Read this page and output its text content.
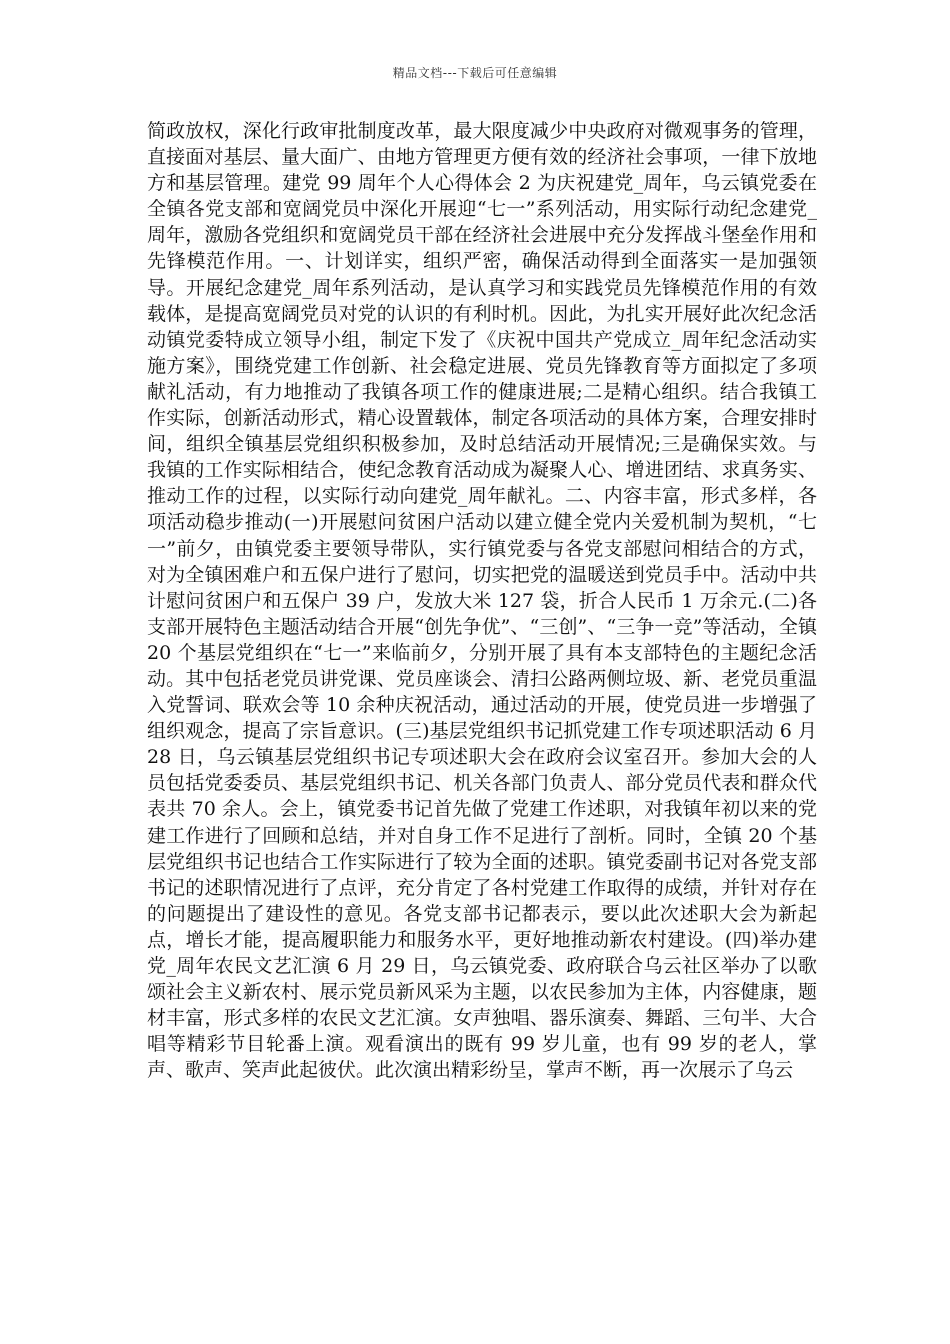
精品文档---下载后可任意编辑

简政放权，深化行政审批制度改革，最大限度减少中央政府对微观事务的管理，直接面对基层、量大面广、由地方管理更方便有效的经济社会事项，一律下放地方和基层管理。建党 99 周年个人心得体会 2 为庆祝建党_周年，乌云镇党委在全镇各党支部和宽阔党员中深化开展迎“七一”系列活动，用实际行动纪念建党_周年，激励各党组织和宽阔党员干部在经济社会进展中充分发挥战斗堡垒作用和先锋模范作用。一、计划详实，组织严密，确保活动得到全面落实一是加强领导。开展纪念建党_周年系列活动，是认真学习和实践党员先锋模范作用的有效载体，是提高宽阔党员对党的认识的有利时机。因此，为扎实开展好此次纪念活动镇党委特成立领导小组，制定下发了《庆祝中国共产党成立_周年纪念活动实施方案》，围绕党建工作创新、社会稳定进展、党员先锋教育等方面拟定了多项献礼活动，有力地推动了我镇各项工作的健康进展;二是精心组织。结合我镇工作实际，创新活动形式，精心设置载体，制定各项活动的具体方案，合理安排时间，组织全镇基层党组织积极参加，及时总结活动开展情况;三是确保实效。与我镇的工作实际相结合，使纪念教育活动成为凝聚人心、增进团结、求真务实、推动工作的过程，以实际行动向建党_周年献礼。二、内容丰富，形式多样，各项活动稳步推动(一)开展慰问贫困户活动以建立健全党内关爱机制为契机，“七一”前夕，由镇党委主要领导带队，实行镇党委与各党支部慰问相结合的方式，对为全镇困难户和五保户进行了慰问，切实把党的温暖送到党员手中。活动中共计慰问贫困户和五保户 39 户，发放大米 127 袋，折合人民币 1 万余元.(二)各支部开展特色主题活动结合开展“创先争优”、“三创”、“三争一竞”等活动，全镇 20 个基层党组织在“七一”来临前夕，分别开展了具有本支部特色的主题纪念活动。其中包括老党员讲党课、党员座谈会、清扫公路两侧垃圾、新、老党员重温入党誓词、联欢会等 10 余种庆祝活动，通过活动的开展，使党员进一步增强了组织观念，提高了宗旨意识。(三)基层党组织书记抓党建工作专项述职活动 6 月 28 日，乌云镇基层党组织书记专项述职大会在政府会议室召开。参加大会的人员包括党委委员、基层党组织书记、机关各部门负责人、部分党员代表和群众代表共 70 余人。会上，镇党委书记首先做了党建工作述职，对我镇年初以来的党建工作进行了回顾和总结，并对自身工作不足进行了剖析。同时，全镇 20 个基层党组织书记也结合工作实际进行了较为全面的述职。镇党委副书记对各党支部书记的述职情况进行了点评，充分肯定了各村党建工作取得的成绩，并针对存在的问题提出了建设性的意见。各党支部书记都表示，要以此次述职大会为新起点，增长才能，提高履职能力和服务水平，更好地推动新农村建设。(四)举办建党_周年农民文艺汇演 6 月 29 日，乌云镇党委、政府联合乌云社区举办了以歌颂社会主义新农村、展示党员新风采为主题，以农民参加为主体，内容健康，题材丰富，形式多样的农民文艺汇演。女声独唱、器乐演奏、舞蹈、三句半、大合唱等精彩节目轮番上演。观看演出的既有 99 岁儿童，也有 99 岁的老人，掌声、歌声、笑声此起彼伏。此次演出精彩纷呈，掌声不断，再一次展示了乌云
